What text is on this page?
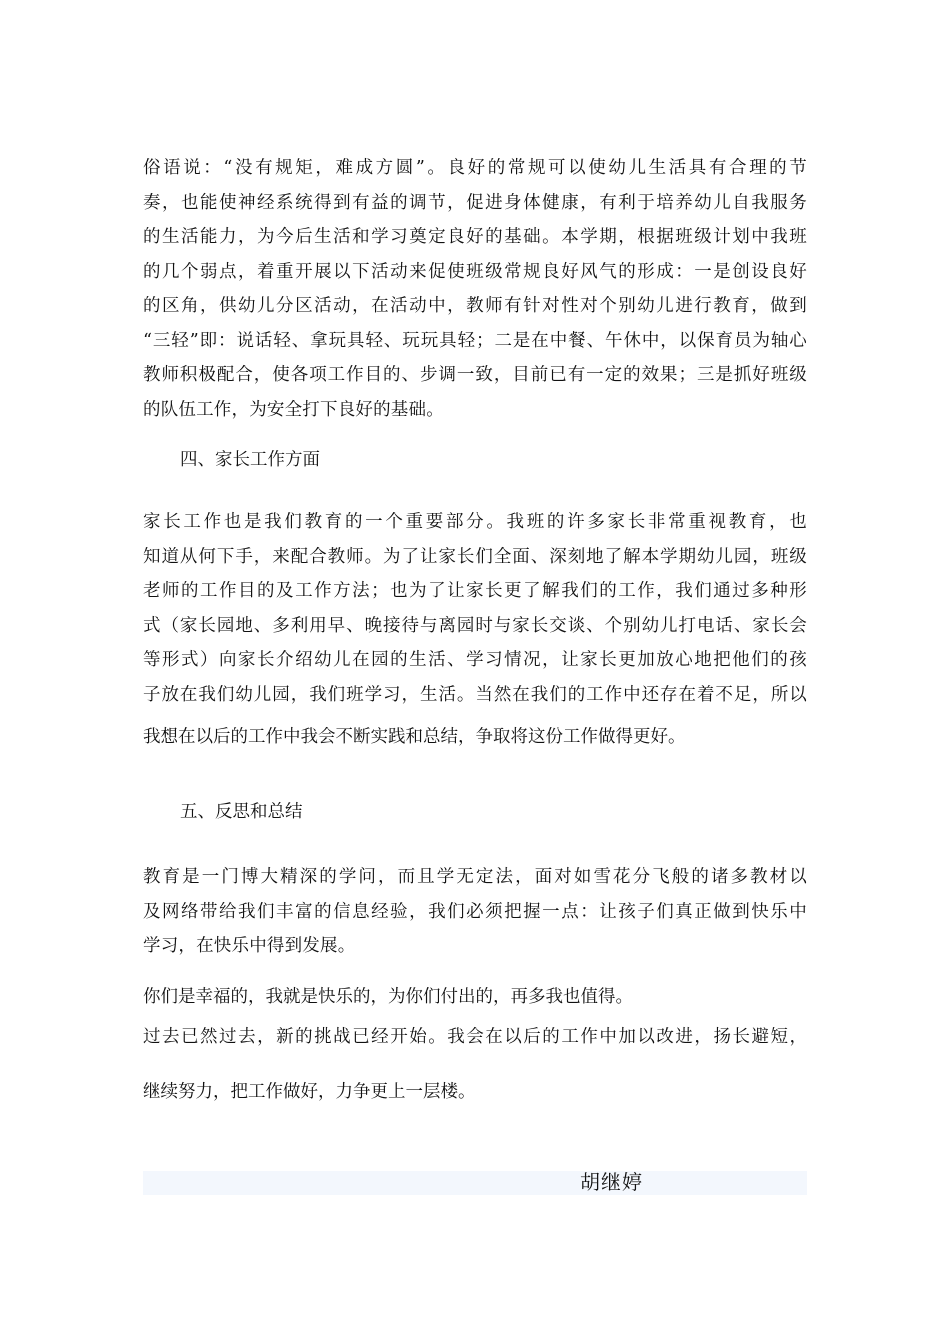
俗语说：“没有规矩，难成方圆”。良好的常规可以使幼儿生活具有合理的节
奏，也能使神经系统得到有益的调节，促进身体健康，有利于培养幼儿自我服务
的生活能力，为今后生活和学习奠定良好的基础。本学期，根据班级计划中我班
的几个弱点，着重开展以下活动来促使班级常规良好风气的形成：一是创设良好
的区角，供幼儿分区活动，在活动中，教师有针对性对个别幼儿进行教育，做到
“三轻”即：说话轻、拿玩具轻、玩玩具轻；二是在中餐、午休中，以保育员为轴心
教师积极配合，使各项工作目的、步调一致，目前已有一定的效果；三是抓好班级
的队伍工作，为安全打下良好的基础。

四、家长工作方面

家长工作也是我们教育的一个重要部分。我班的许多家长非常重视教育，也
知道从何下手，来配合教师。为了让家长们全面、深刻地了解本学期幼儿园，班级
老师的工作目的及工作方法；也为了让家长更了解我们的工作，我们通过多种形
式（家长园地、多利用早、晚接待与离园时与家长交谈、个别幼儿打电话、家长会
等形式）向家长介绍幼儿在园的生活、学习情况，让家长更加放心地把他们的孩
子放在我们幼儿园，我们班学习，生活。当然在我们的工作中还存在着不足，所以

我想在以后的工作中我会不断实践和总结，争取将这份工作做得更好。

五、反思和总结

教育是一门博大精深的学问，而且学无定法，面对如雪花分飞般的诸多教材以
及网络带给我们丰富的信息经验，我们必须把握一点：让孩子们真正做到快乐中
学习，在快乐中得到发展。

你们是幸福的，我就是快乐的，为你们付出的，再多我也值得。

过去已然过去，新的挑战已经开始。我会在以后的工作中加以改进，扬长避短，

继续努力，把工作做好，力争更上一层楼。

胡继婷
